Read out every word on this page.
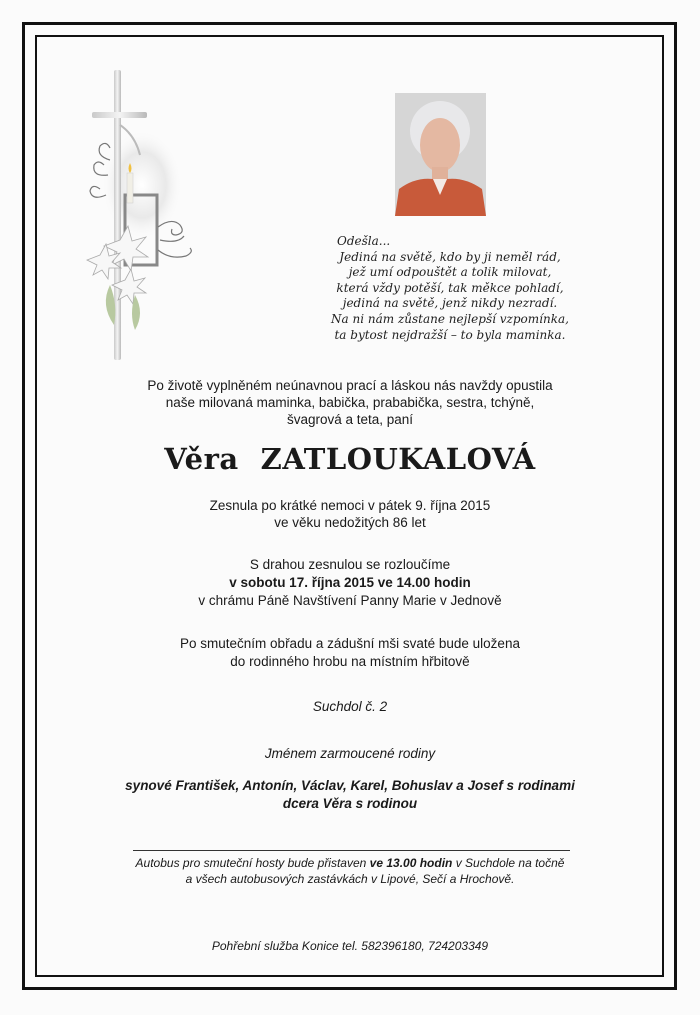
Odešla...
Jediná na světě, kdo by ji neměl rád,
jež umí odpouštět a tolik milovat,
která vždy potěší, tak měkce pohladí,
jediná na světě, jenž nikdy nezradí.
Na ni nám zůstane nejlepší vzpomínka,
ta bytost nejdražší – to byla maminka.
Po životě vyplněném neúnavnou prací a láskou nás navždy opustila
naše milovaná maminka, babička, prababička, sestra, tchýně,
švagrová a teta, paní
Věra ZATLOUKALOVÁ
Zesnula po krátké nemoci v pátek 9. října 2015
ve věku nedožitých 86 let
S drahou zesnulou se rozloučíme
v sobotu 17. října 2015 ve 14.00 hodin
v chrámu Páně Navštívení Panny Marie v Jednově
Po smutečním obřadu a zádušní mši svaté bude uložena
do rodinného hrobu na místním hřbitově
Suchdol č. 2
Jménem zarmoucené rodiny
synové František, Antonín, Václav, Karel, Bohuslav a Josef s rodinami
dcera Věra s rodinou
Autobus pro smuteční hosty bude přistaven ve 13.00 hodin v Suchdole na točně
a všech autobusových zastávkách v Lipové, Sečí a Hrochově.
Pohřební služba Konice tel. 582396180, 724203349
